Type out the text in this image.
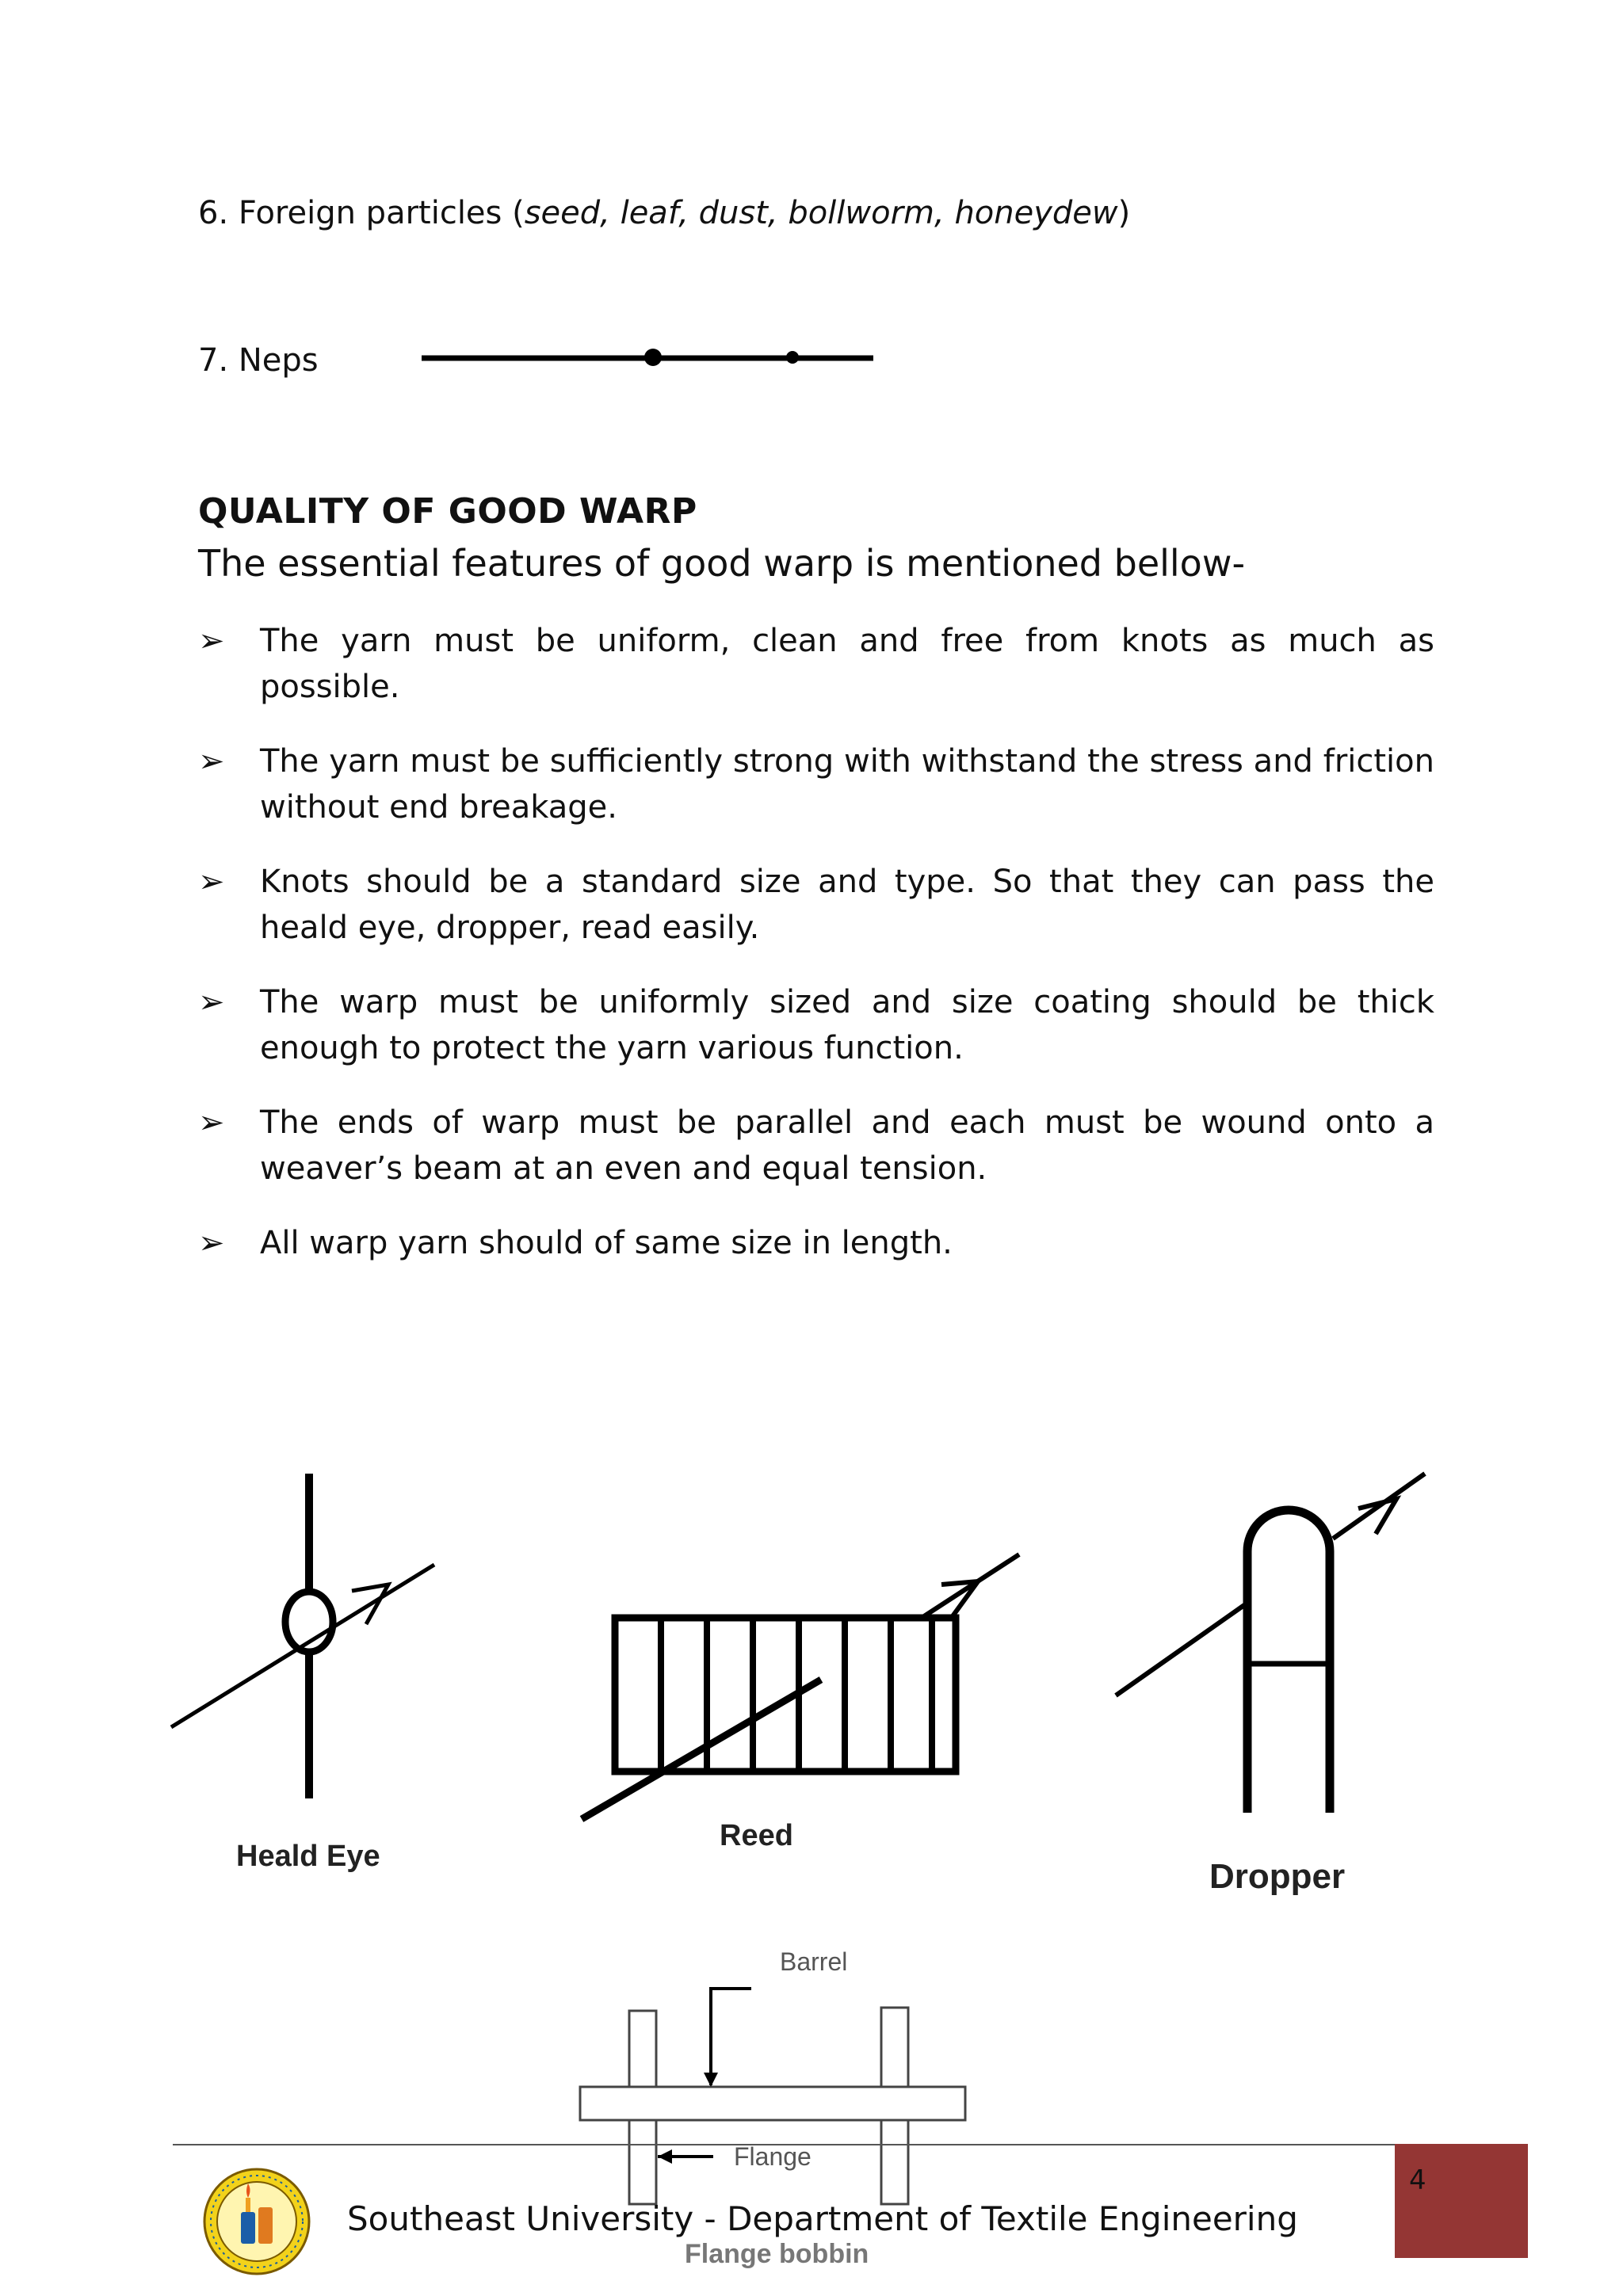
6. Foreign particles (seed, leaf, dust, bollworm, honeydew)
7. Neps
QUALITY OF GOOD WARP
The essential features of good warp is mentioned bellow-
➢ The yarn must be uniform, clean and free from knots as much as possible.
➢ The yarn must be sufficiently strong with withstand the stress and friction without end breakage.
➢ Knots should be a standard size and type. So that they can pass the heald eye, dropper, read easily.
➢ The warp must be uniformly sized and size coating should be thick enough to protect the yarn various function.
➢ The ends of warp must be parallel and each must be wound onto a weaver’s beam at an even and equal tension.
➢ All warp yarn should of same size in length.
Heald Eye
Reed
Dropper
Barrel
Flange
Flange bobbin
Southeast University - Department of Textile Engineering
4
